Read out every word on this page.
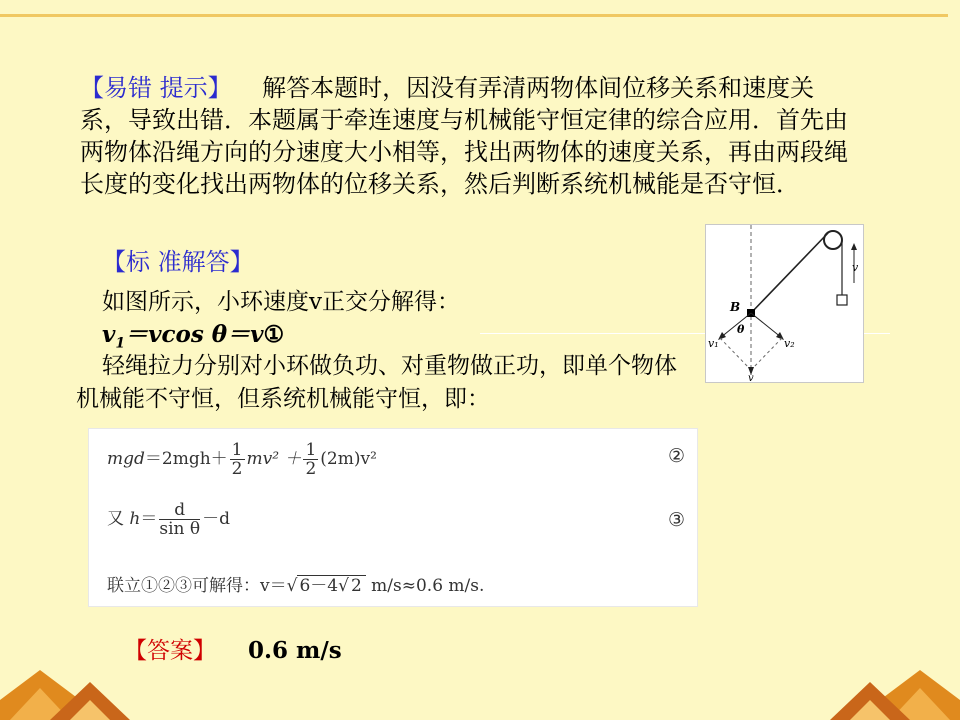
【易错 提示】 解答本题时，因没有弄清两物体间位移关系和速度关系，导致出错．本题属于牵连速度与机械能守恒定律的综合应用．首先由两物体沿绳方向的分速度大小相等，找出两物体的速度关系，再由两段绳长度的变化找出两物体的位移关系，然后判断系统机械能是否守恒．
【标 准解答】
如图所示，小环速度v正交分解得：
$v_1=vcos$ θ＝v①
轻绳拉力分别对小环做负功、对重物做正功，即单个物体机械能不守恒，但系统机械能守恒，即：
B
θ
v
v₁	v₂
v
$mgd=2mgh+ \frac{1}{2} mv^2 + \frac{1}{2} (2m)v^2$	②
又 $h= \frac{d}{\text{sin θ}} -d$	③
联立①②③可解得：v＝√ 6－4√ 2 m/s≈0.6 m/s.
【答案】 0.6 m/s
